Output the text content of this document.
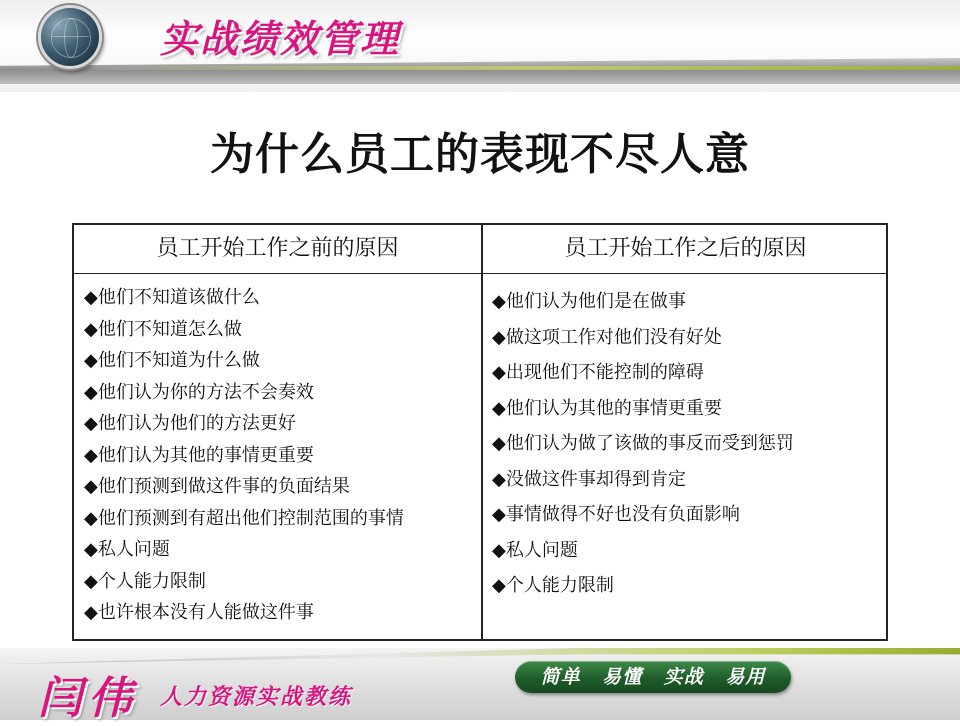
实战绩效管理
为什么员工的表现不尽人意
员工开始工作之前的原因	员工开始工作之后的原因
◆他们不知道该做什么
◆他们不知道怎么做
◆他们不知道为什么做
◆他们认为你的方法不会奏效
◆他们认为他们的方法更好
◆他们认为其他的事情更重要
◆他们预测到做这件事的负面结果
◆他们预测到有超出他们控制范围的事情
◆私人问题
◆个人能力限制
◆也许根本没有人能做这件事
◆他们认为他们是在做事
◆做这项工作对他们没有好处
◆出现他们不能控制的障碍
◆他们认为其他的事情更重要
◆他们认为做了该做的事反而受到惩罚
◆没做这件事却得到肯定
◆事情做得不好也没有负面影响
◆私人问题
◆个人能力限制
闫伟 人力资源实战教练
简单 易懂 实战 易用
